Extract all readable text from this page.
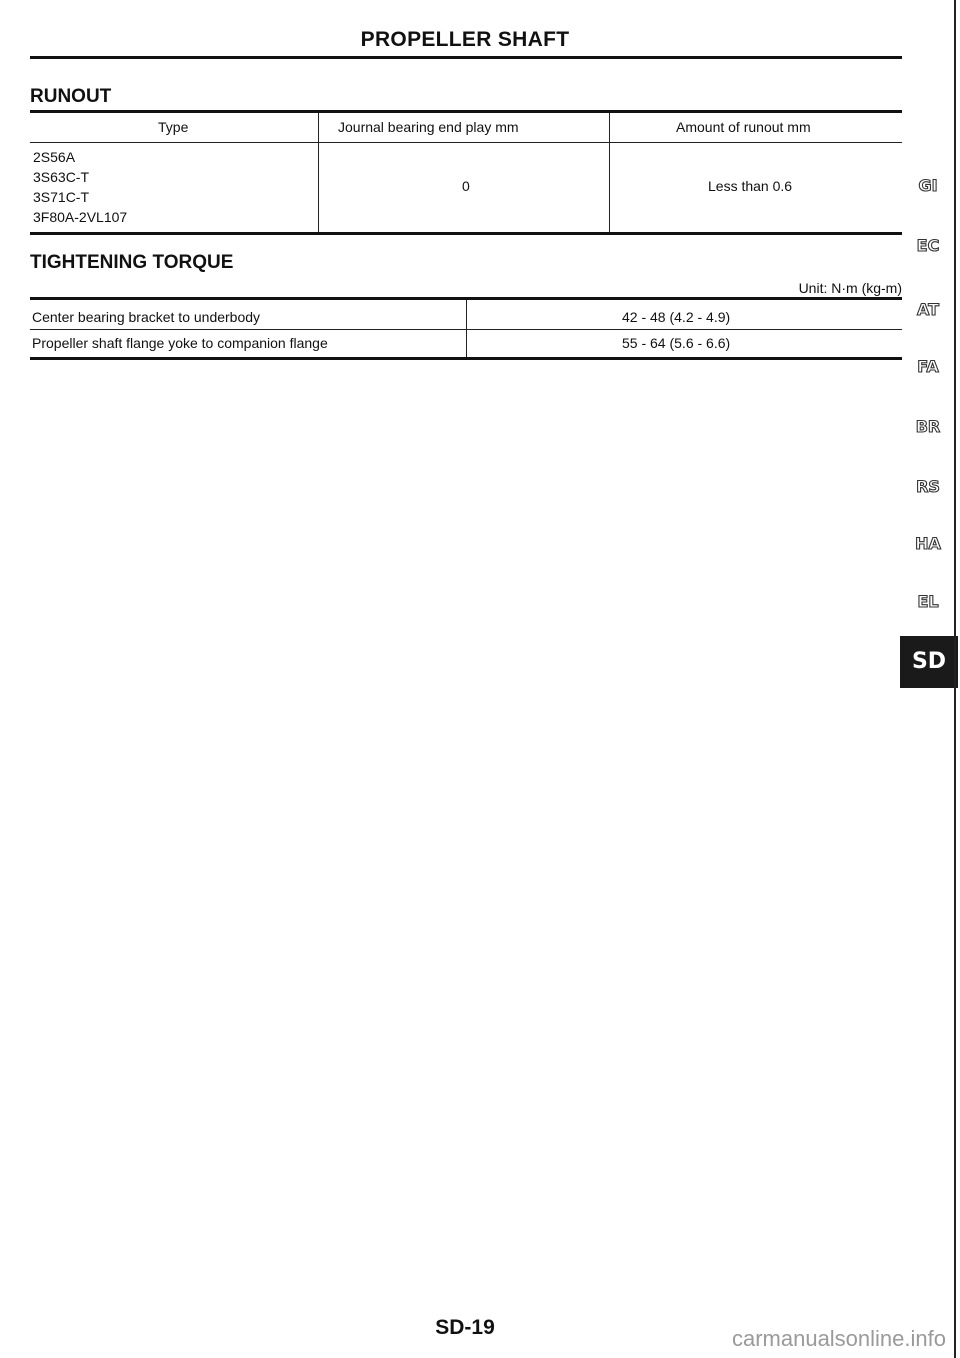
PROPELLER SHAFT
RUNOUT
Type	Journal bearing end play mm	Amount of runout mm
2S56A
3S63C-T
3S71C-T
3F80A-2VL107
0	Less than 0.6
TIGHTENING TORQUE
Unit: N·m (kg-m)
Center bearing bracket to underbody	42 - 48 (4.2 - 4.9)
Propeller shaft flange yoke to companion flange	55 - 64 (5.6 - 6.6)
GI
EC
AT
FA
BR
RS
HA
EL
SD
SD-19	carmanualsonline.info
